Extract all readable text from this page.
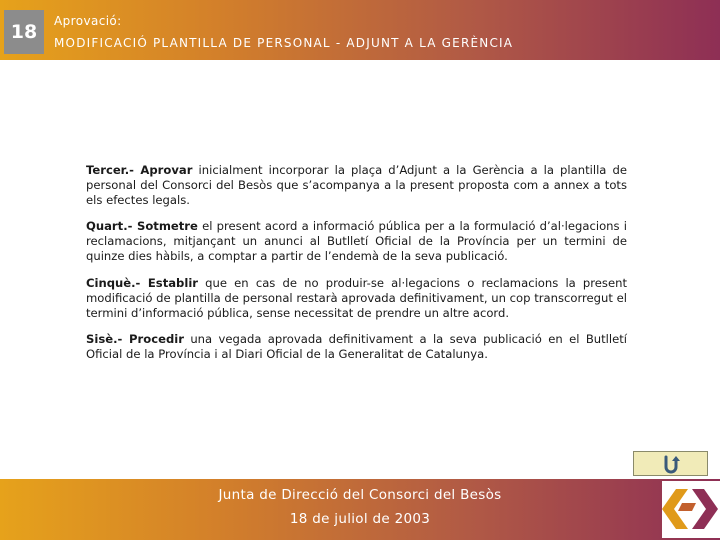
18	Aprovació:
MODIFICACIÓ PLANTILLA DE PERSONAL - ADJUNT A LA GERÈNCIA

Tercer.- Aprovar inicialment incorporar la plaça d’Adjunt a la Gerència a la plantilla de personal del Consorci del Besòs que s’acompanya a la present proposta com a annex a tots els efectes legals.

Quart.- Sotmetre el present acord a informació pública per a la formulació d’al·legacions i reclamacions, mitjançant un anunci al Butlletí Oficial de la Província per un termini de quinze dies hàbils, a comptar a partir de l’endemà de la seva publicació.

Cinquè.- Establir que en cas de no produir-se al·legacions o reclamacions la present modificació de plantilla de personal restarà aprovada definitivament, un cop transcorregut el termini d’informació pública, sense necessitat de prendre un altre acord.

Sisè.- Procedir una vegada aprovada definitivament a la seva publicació en el Butlletí Oficial de la Província i al Diari Oficial de la Generalitat de Catalunya.

Junta de Direcció del Consorci del Besòs
18 de juliol de 2003
